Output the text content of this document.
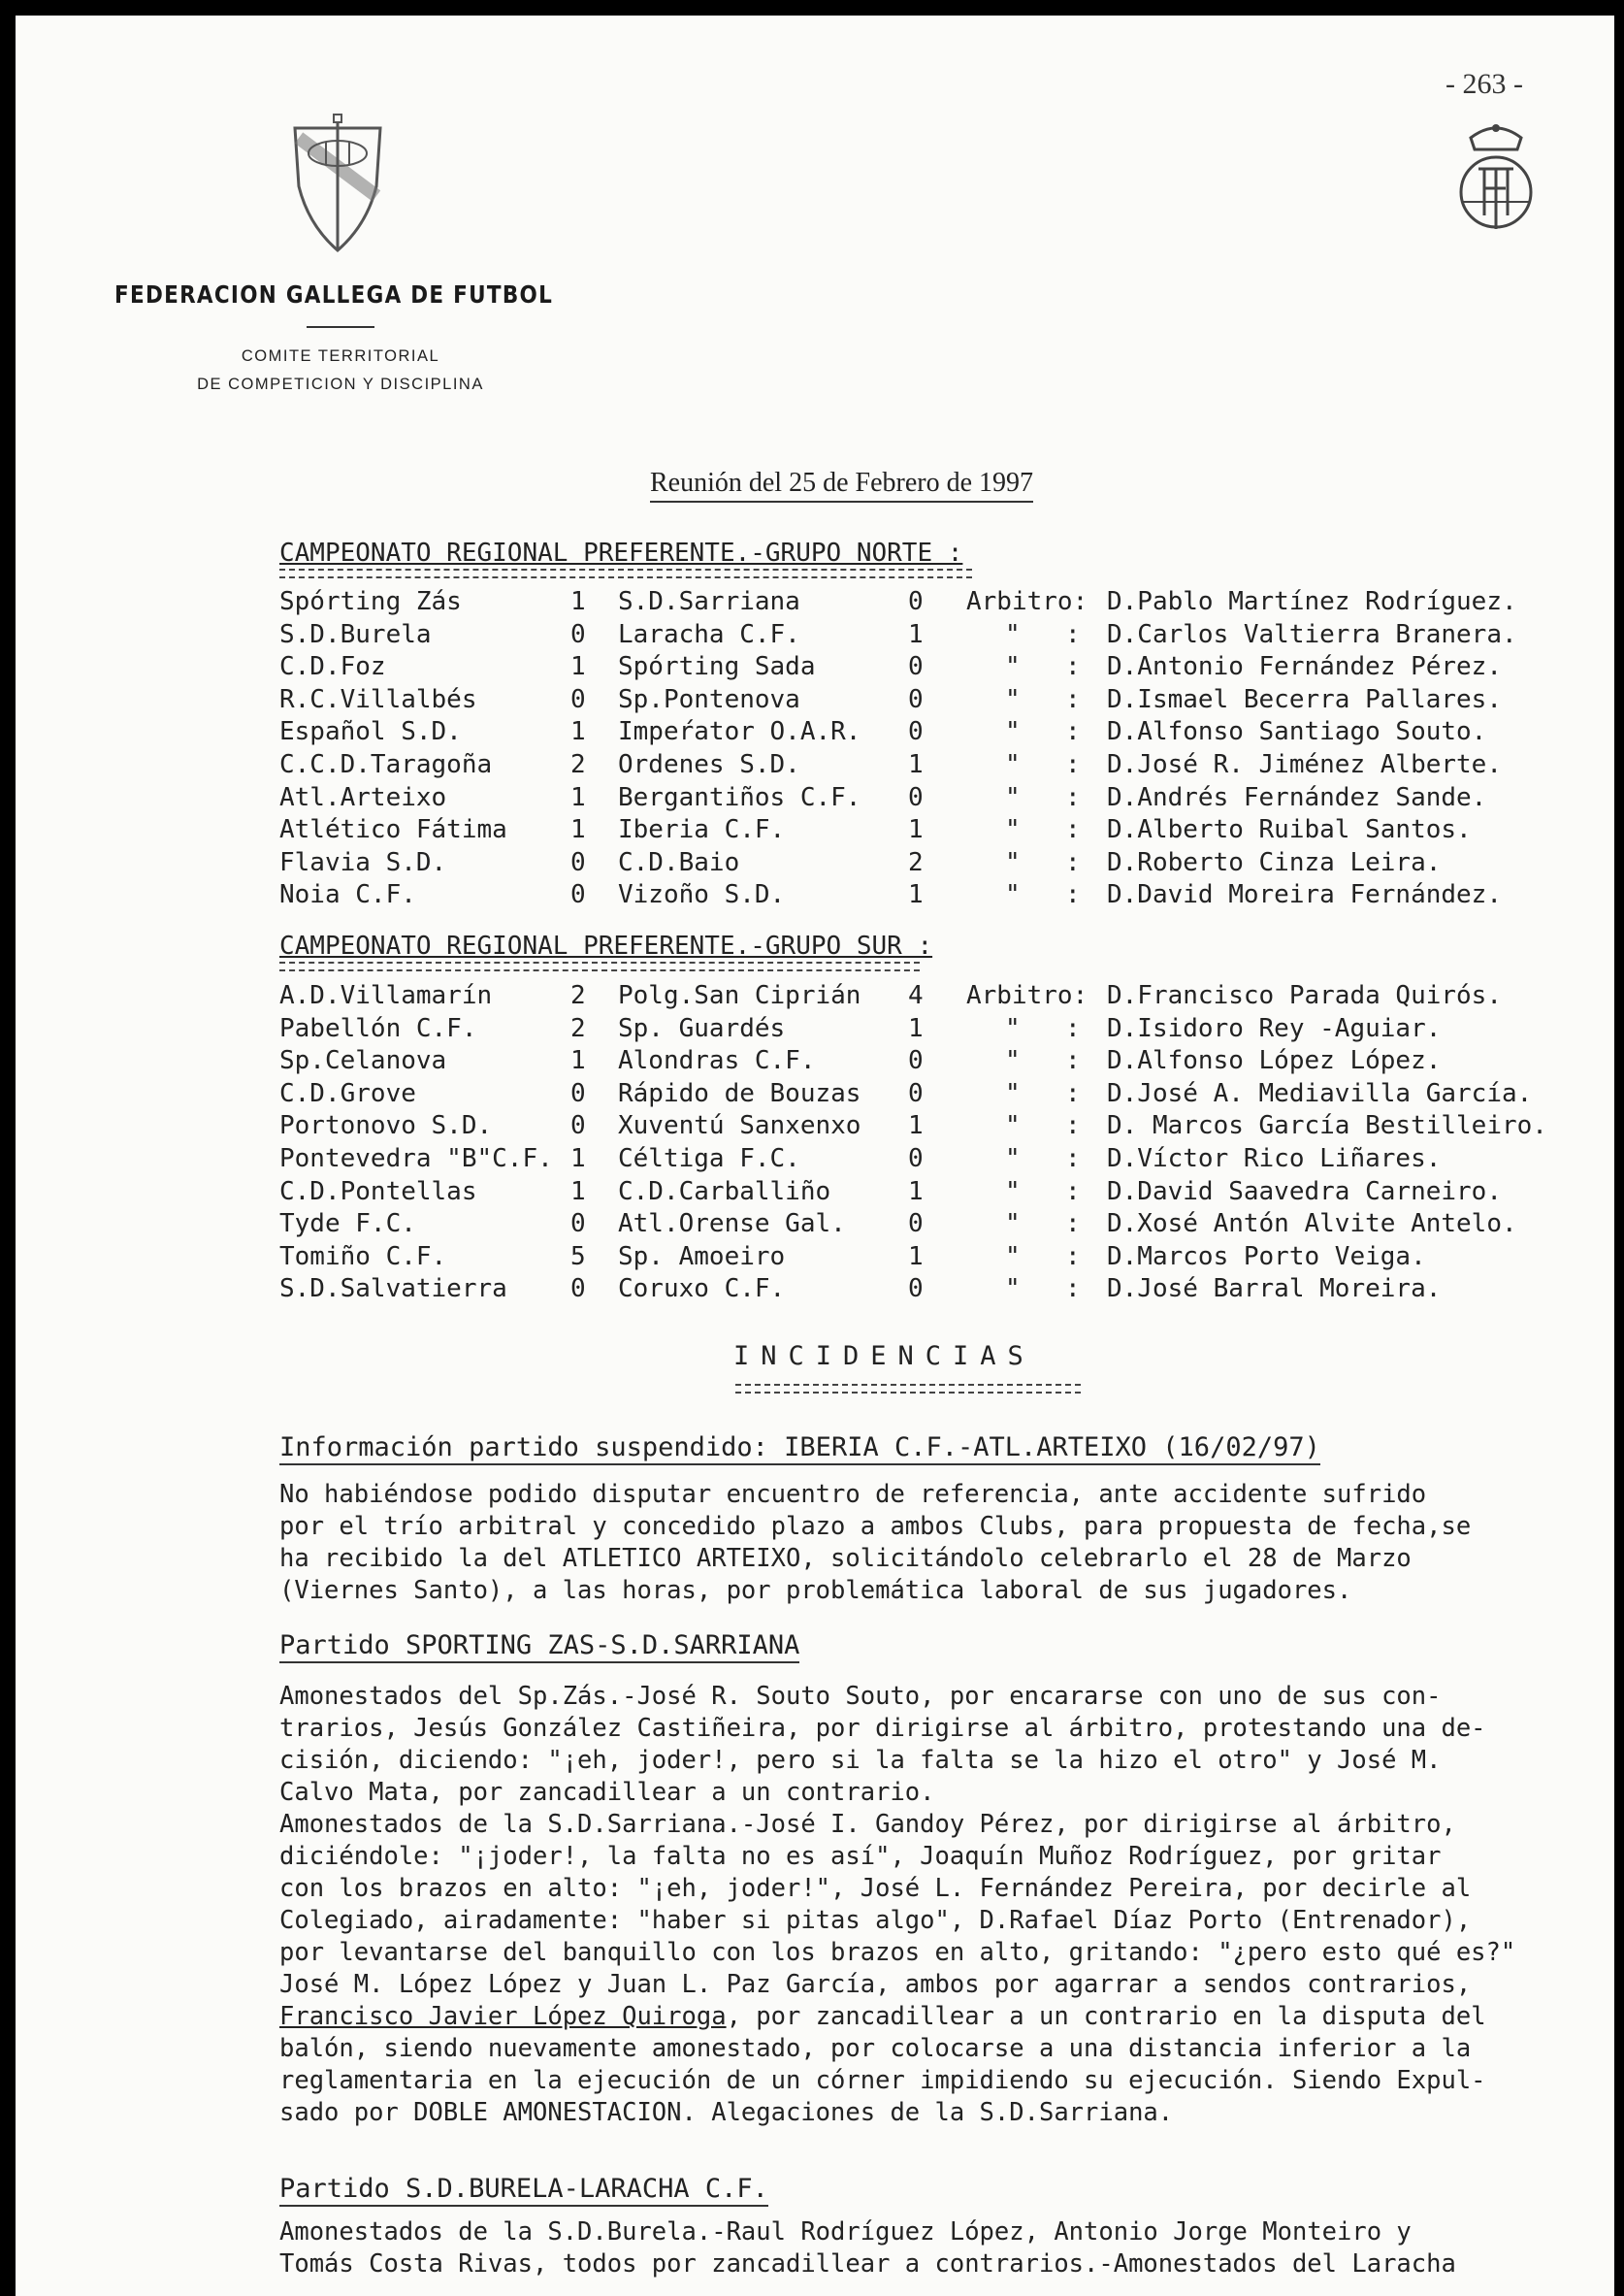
- 263 -
FEDERACION GALLEGA DE FUTBOL
COMITE TERRITORIAL
DE COMPETICION Y DISCIPLINA
Reunión del 25 de Febrero de 1997
CAMPEONATO REGIONAL PREFERENTE.-GRUPO NORTE :
Spórting Zás	1 S.D.Sarriana	0 Arbitro: D.Pablo Martínez Rodríguez.
S.D.Burela	0 Laracha C.F.	1	" : D.Carlos Valtierra Branera.
C.D.Foz	1 Spórting Sada	0	" : D.Antonio Fernández Pérez.
R.C.Villalbés	0 Sp.Pontenova	0	" : D.Ismael Becerra Pallares.
Español S.D.	1 Impeŕator O.A.R. 0	" : D.Alfonso Santiago Souto.
C.C.D.Taragoña	2 Ordenes S.D.	1	" : D.José R. Jiménez Alberte.
Atl.Arteixo	1 Bergantiños C.F. 0	" : D.Andrés Fernández Sande.
Atlético Fátima	1 Iberia C.F.	1	" : D.Alberto Ruibal Santos.
Flavia S.D.	0 C.D.Baio	2	" : D.Roberto Cinza Leira.
Noia C.F.	0 Vizoño S.D.	1	" : D.David Moreira Fernández.
CAMPEONATO REGIONAL PREFERENTE.-GRUPO SUR :
A.D.Villamarín	2 Polg.San Ciprián 4 Arbitro: D.Francisco Parada Quirós.
Pabellón C.F.	2 Sp. Guardés	1	" : D.Isidoro Rey -Aguiar.
Sp.Celanova	1 Alondras C.F.	0	" : D.Alfonso López López.
C.D.Grove	0 Rápido de Bouzas 0	" : D.José A. Mediavilla García.
Portonovo S.D.	0 Xuventú Sanxenxo 1	" : D. Marcos García Bestilleiro.
Pontevedra "B"C.F. 1 Céltiga F.C.	0	" : D.Víctor Rico Liñares.
C.D.Pontellas	1 C.D.Carballiño	1	" : D.David Saavedra Carneiro.
Tyde F.C.	0 Atl.Orense Gal. 0	" : D.Xosé Antón Alvite Antelo.
Tomiño C.F.	5 Sp. Amoeiro	1	" : D.Marcos Porto Veiga.
S.D.Salvatierra	0 Coruxo C.F.	0	" : D.José Barral Moreira.
INCIDENCIAS
Información partido suspendido: IBERIA C.F.-ATL.ARTEIXO (16/02/97)
No habiéndose podido disputar encuentro de referencia, ante accidente sufrido
por el trío arbitral y concedido plazo a ambos Clubs, para propuesta de fecha,se
ha recibido la del ATLETICO ARTEIXO, solicitándolo celebrarlo el 28 de Marzo
(Viernes Santo), a las horas, por problemática laboral de sus jugadores.
Partido SPORTING ZAS-S.D.SARRIANA
Amonestados del Sp.Zás.-José R. Souto Souto, por encararse con uno de sus con-
trarios, Jesús González Castiñeira, por dirigirse al árbitro, protestando una de-
cisión, diciendo: "¡eh, joder!, pero si la falta se la hizo el otro" y José M.
Calvo Mata, por zancadillear a un contrario.
Amonestados de la S.D.Sarriana.-José I. Gandoy Pérez, por dirigirse al árbitro,
diciéndole: "¡joder!, la falta no es así", Joaquín Muñoz Rodríguez, por gritar
con los brazos en alto: "¡eh, joder!", José L. Fernández Pereira, por decirle al
Colegiado, airadamente: "haber si pitas algo", D.Rafael Díaz Porto (Entrenador),
por levantarse del banquillo con los brazos en alto, gritando: "¿pero esto qué es?"
José M. López López y Juan L. Paz García, ambos por agarrar a sendos contrarios,
Francisco Javier López Quiroga, por zancadillear a un contrario en la disputa del
balón, siendo nuevamente amonestado, por colocarse a una distancia inferior a la
reglamentaria en la ejecución de un córner impidiendo su ejecución. Siendo Expul-
sado por DOBLE AMONESTACION. Alegaciones de la S.D.Sarriana.
Partido S.D.BURELA-LARACHA C.F.
Amonestados de la S.D.Burela.-Raul Rodríguez López, Antonio Jorge Monteiro y
Tomás Costa Rivas, todos por zancadillear a contrarios.-Amonestados del Laracha
